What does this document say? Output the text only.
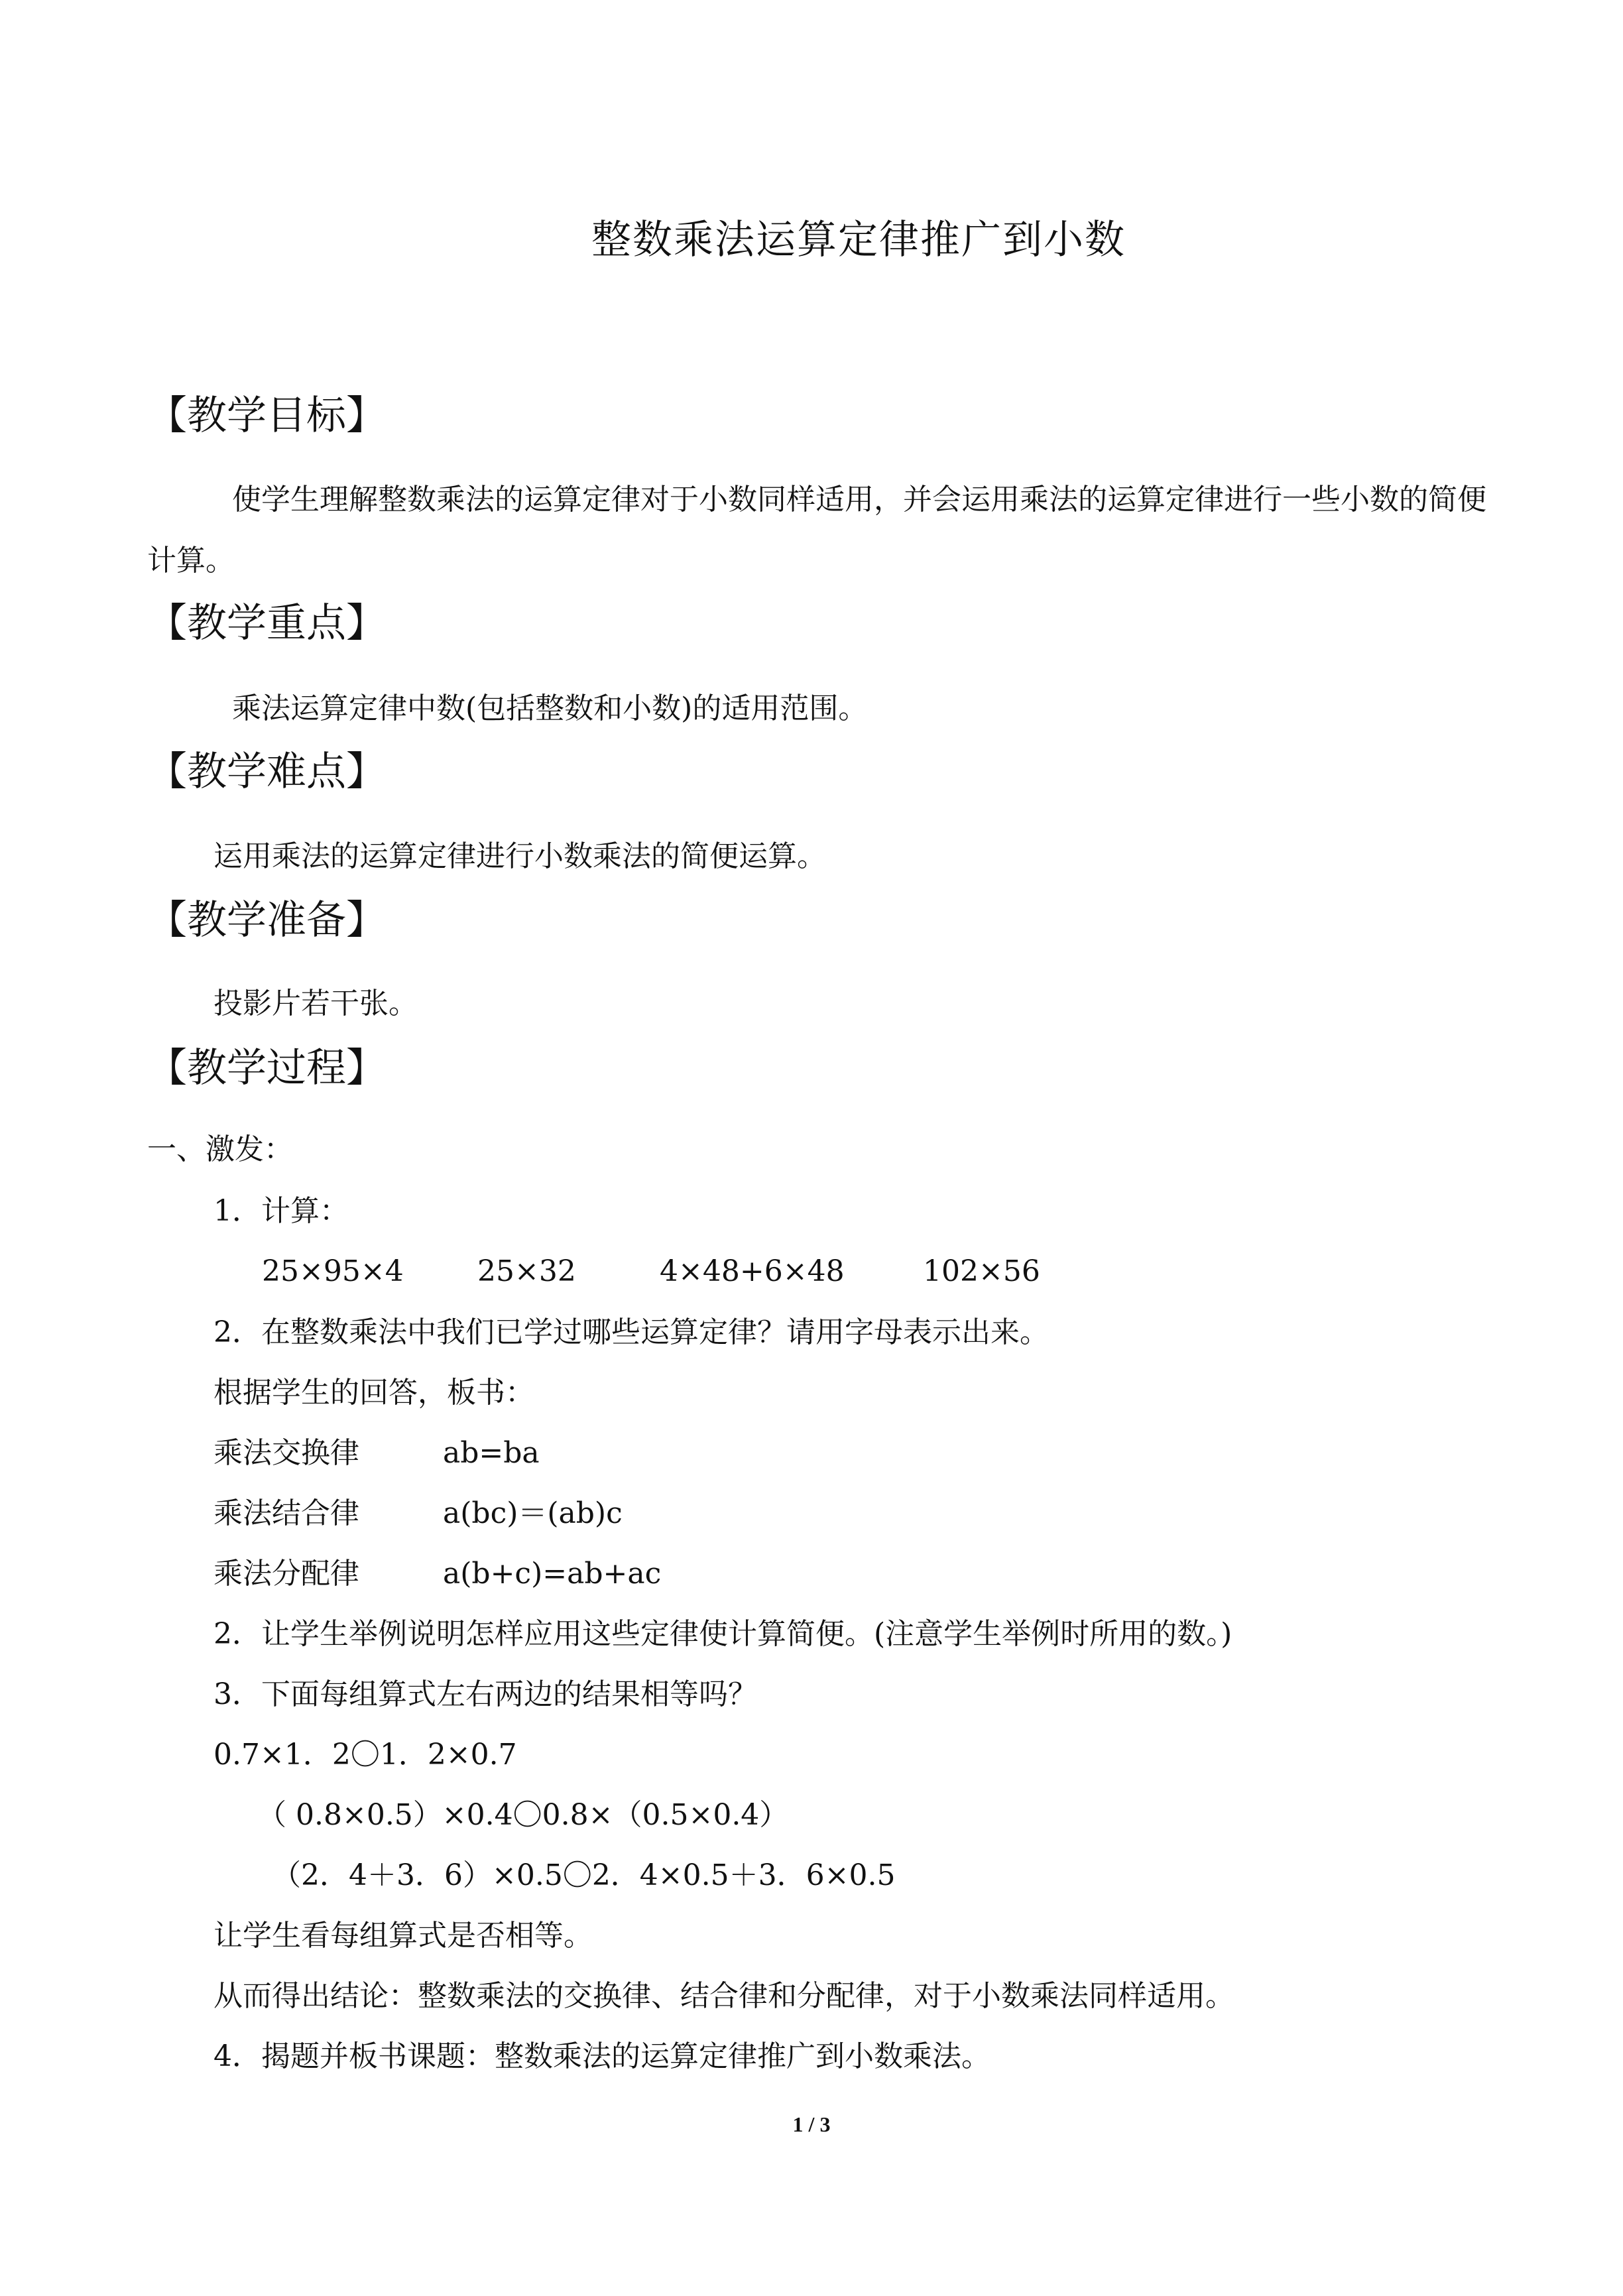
整数乘法运算定律推广到小数
【教学目标】
使学生理解整数乘法的运算定律对于小数同样适用，并会运用乘法的运算定律进行一些小数的简便计算。
【教学重点】
乘法运算定律中数(包括整数和小数)的适用范围。
【教学难点】
运用乘法的运算定律进行小数乘法的简便运算。
【教学准备】
投影片若干张。
【教学过程】
一、激发：
1．计算：
25×95×4	25×32	4×48+6×48	102×56
2．在整数乘法中我们已学过哪些运算定律？请用字母表示出来。
根据学生的回答，板书：
乘法交换律	ab=ba
乘法结合律	a(bc)＝(ab)c
乘法分配律	a(b+c)=ab+ac
2．让学生举例说明怎样应用这些定律使计算简便。(注意学生举例时所用的数。)
3．下面每组算式左右两边的结果相等吗？
0.7×1．2〇1．2×0.7
（ 0.8×0.5）×0.4〇0.8×（0.5×0.4）
（2．4＋3．6）×0.5〇2．4×0.5＋3．6×0.5
让学生看每组算式是否相等。
从而得出结论：整数乘法的交换律、结合律和分配律，对于小数乘法同样适用。
4．揭题并板书课题：整数乘法的运算定律推广到小数乘法。
1 / 3
